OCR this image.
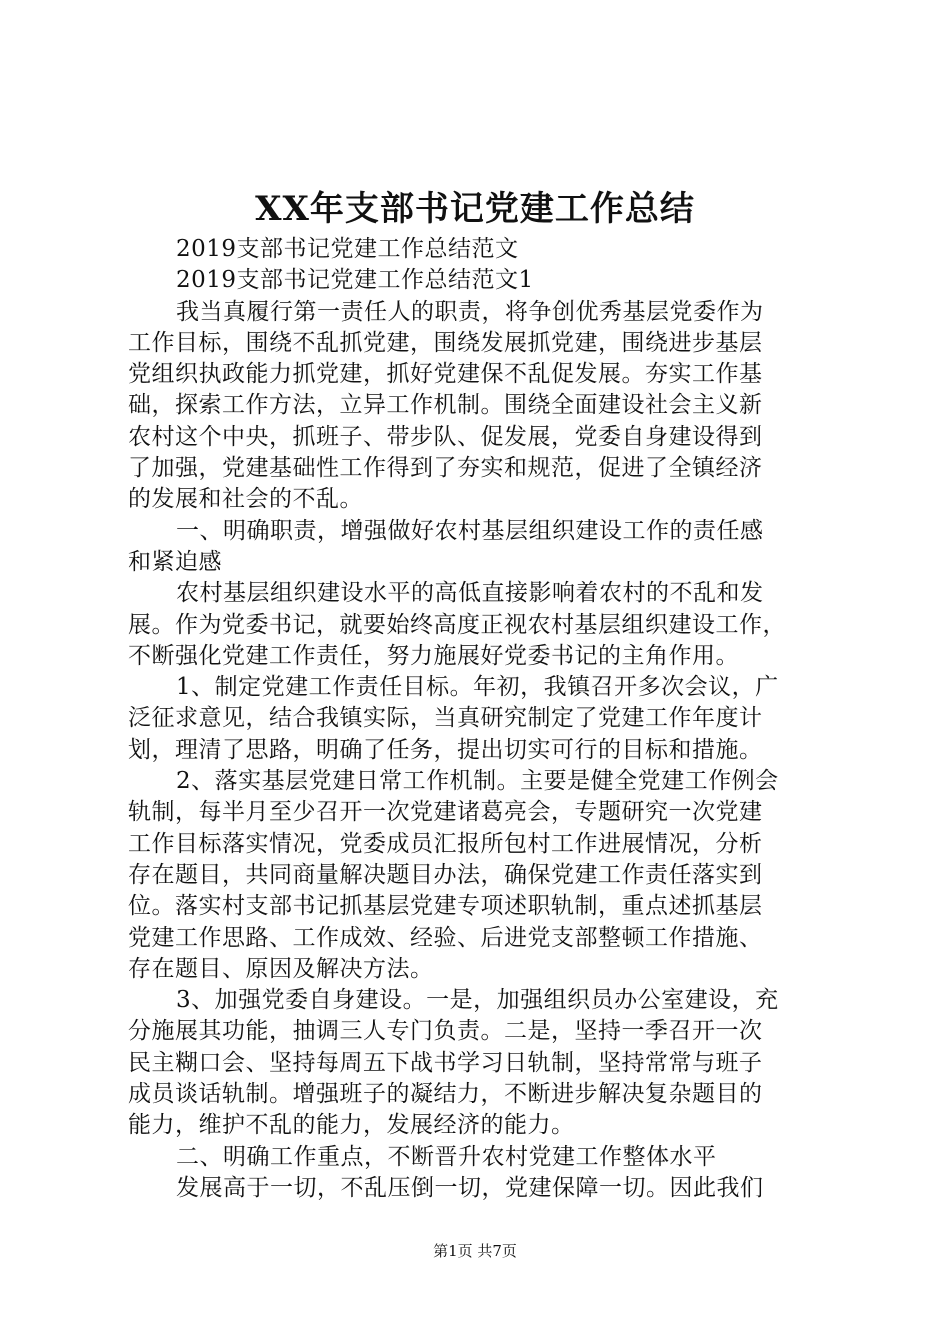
XX年支部书记党建工作总结
2019支部书记党建工作总结范文
2019支部书记党建工作总结范文1
我当真履行第一责任人的职责，将争创优秀基层党委作为
工作目标，围绕不乱抓党建，围绕发展抓党建，围绕进步基层
党组织执政能力抓党建，抓好党建保不乱促发展。夯实工作基
础，探索工作方法，立异工作机制。围绕全面建设社会主义新
农村这个中央，抓班子、带步队、促发展，党委自身建设得到
了加强，党建基础性工作得到了夯实和规范，促进了全镇经济
的发展和社会的不乱。
一、明确职责，增强做好农村基层组织建设工作的责任感
和紧迫感
农村基层组织建设水平的高低直接影响着农村的不乱和发
展。作为党委书记，就要始终高度正视农村基层组织建设工作，
不断强化党建工作责任，努力施展好党委书记的主角作用。
1、制定党建工作责任目标。年初，我镇召开多次会议，广
泛征求意见，结合我镇实际，当真研究制定了党建工作年度计
划，理清了思路，明确了任务，提出切实可行的目标和措施。
2、落实基层党建日常工作机制。主要是健全党建工作例会
轨制，每半月至少召开一次党建诸葛亮会，专题研究一次党建
工作目标落实情况，党委成员汇报所包村工作进展情况，分析
存在题目，共同商量解决题目办法，确保党建工作责任落实到
位。落实村支部书记抓基层党建专项述职轨制，重点述抓基层
党建工作思路、工作成效、经验、后进党支部整顿工作措施、
存在题目、原因及解决方法。
3、加强党委自身建设。一是，加强组织员办公室建设，充
分施展其功能，抽调三人专门负责。二是，坚持一季召开一次
民主糊口会、坚持每周五下战书学习日轨制，坚持常常与班子
成员谈话轨制。增强班子的凝结力，不断进步解决复杂题目的
能力，维护不乱的能力，发展经济的能力。
二、明确工作重点，不断晋升农村党建工作整体水平
发展高于一切，不乱压倒一切，党建保障一切。因此我们
第1页 共7页
